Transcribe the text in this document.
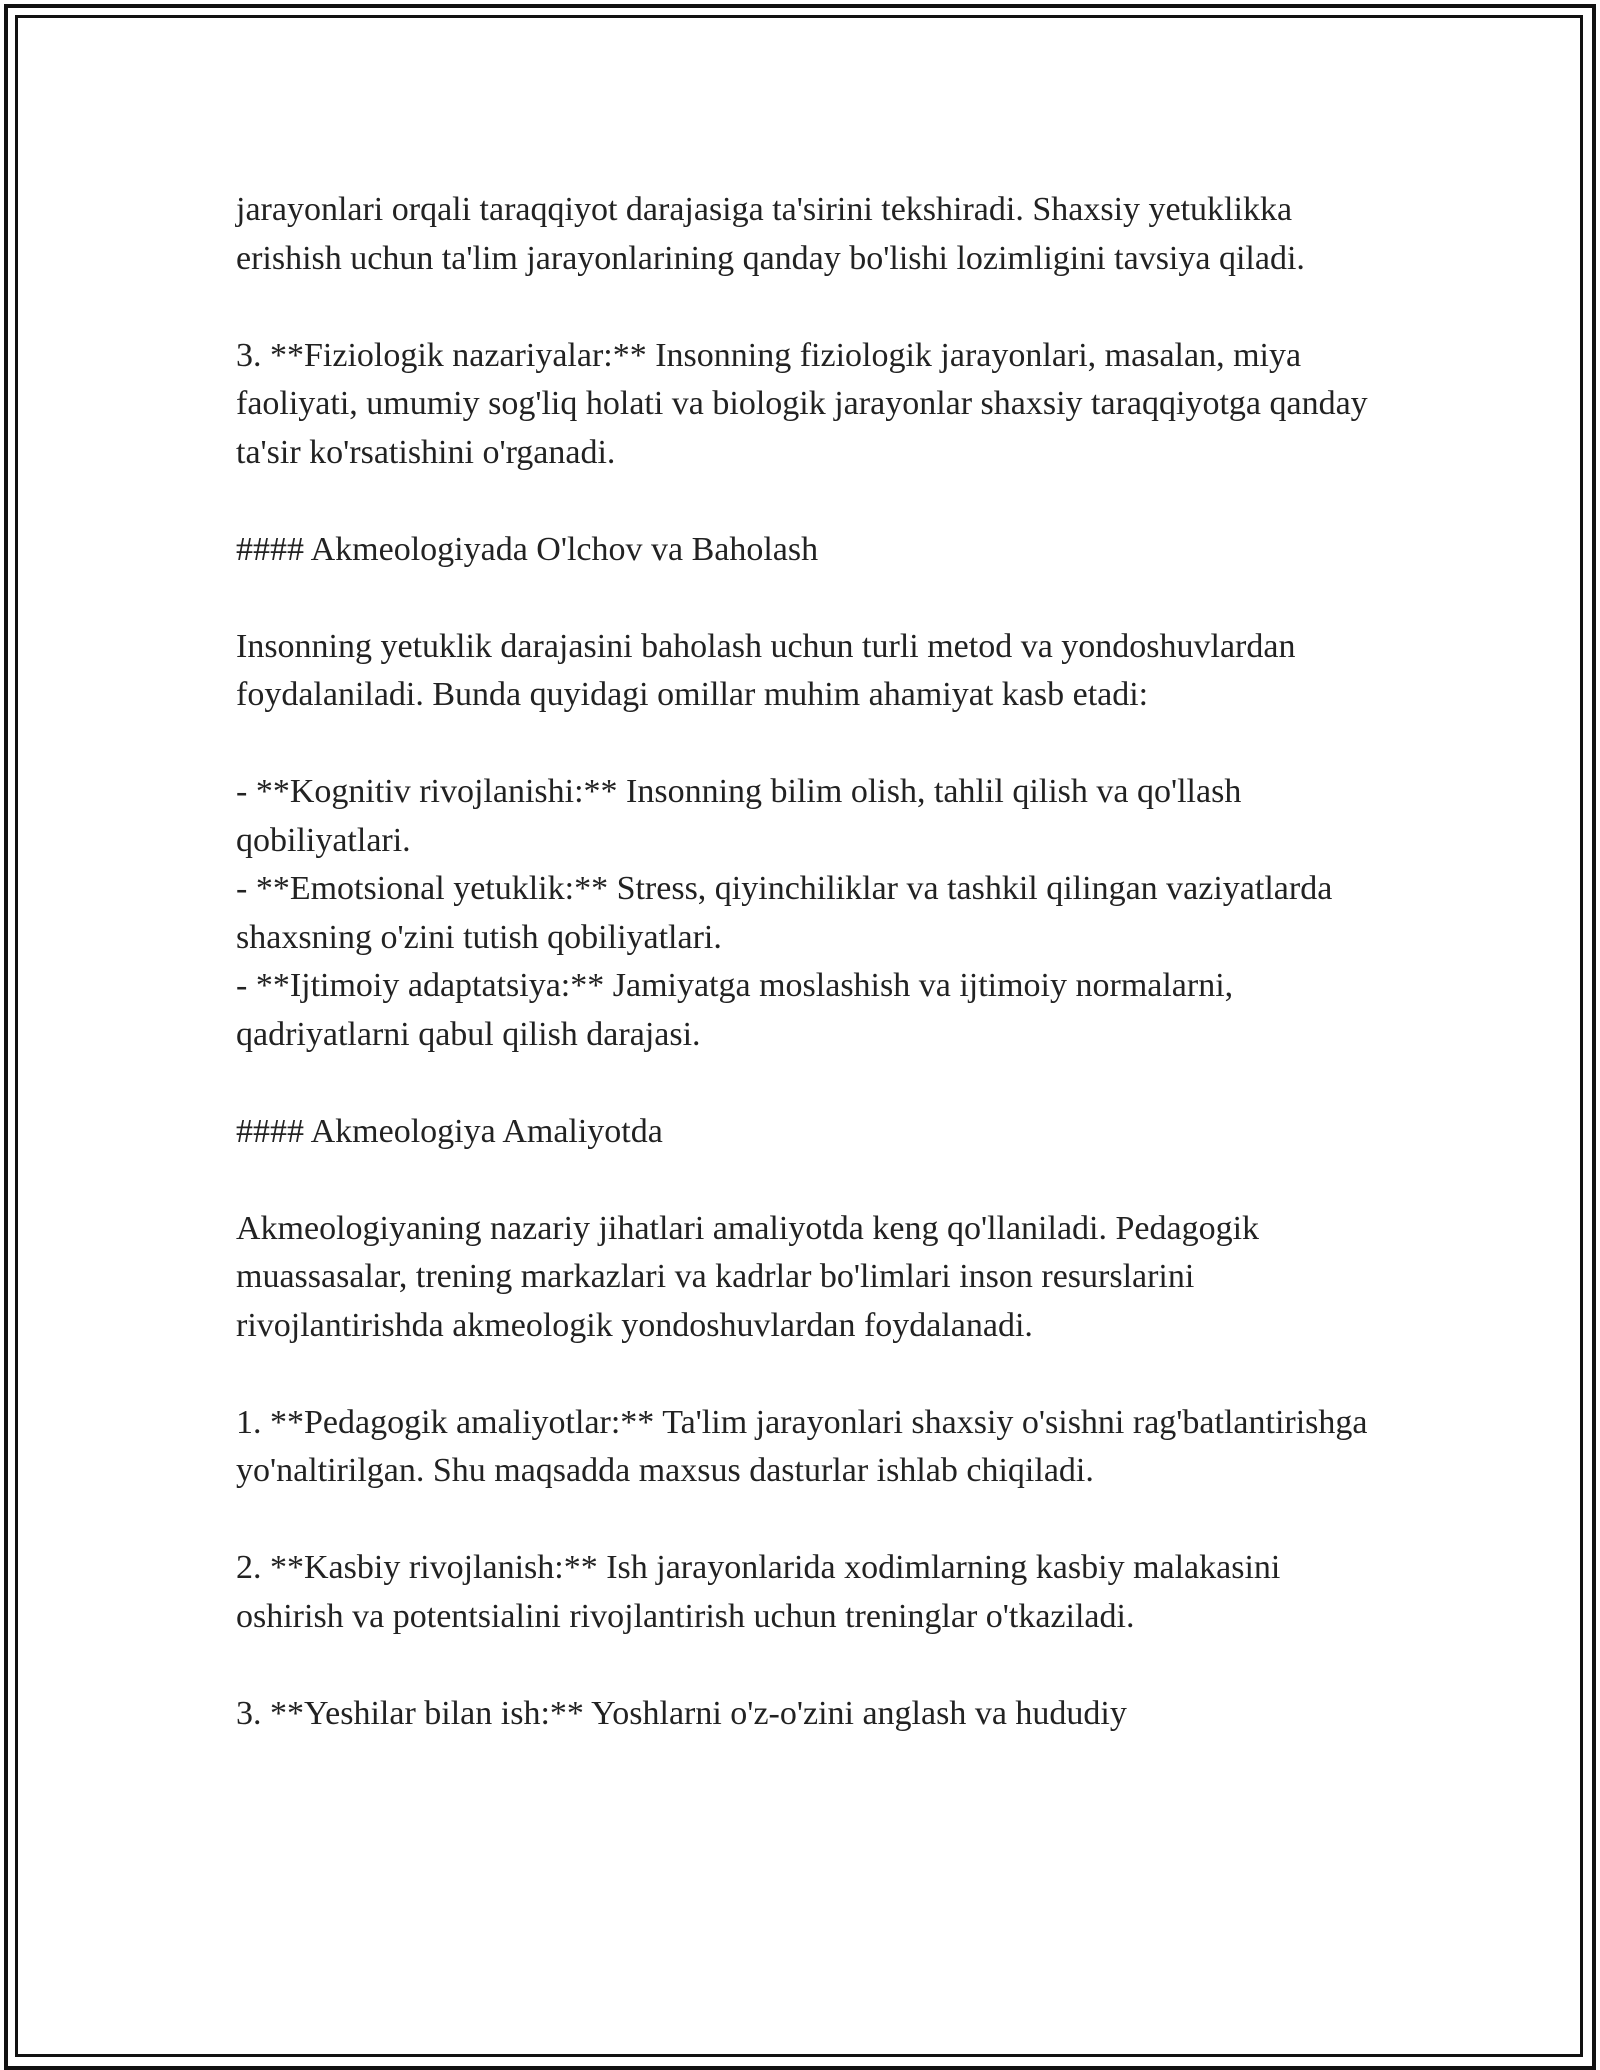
jarayonlari orqali taraqqiyot darajasiga ta'sirini tekshiradi. Shaxsiy yetuklikka erishish uchun ta'lim jarayonlarining qanday bo'lishi lozimligini tavsiya qiladi.

3. **Fiziologik nazariyalar:** Insonning fiziologik jarayonlari, masalan, miya faoliyati, umumiy sog'liq holati va biologik jarayonlar shaxsiy taraqqiyotga qanday ta'sir ko'rsatishini o'rganadi.

#### Akmeologiyada O'lchov va Baholash

Insonning yetuklik darajasini baholash uchun turli metod va yondoshuvlardan foydalaniladi. Bunda quyidagi omillar muhim ahamiyat kasb etadi:

- **Kognitiv rivojlanishi:** Insonning bilim olish, tahlil qilish va qo'llash qobiliyatlari.
- **Emotsional yetuklik:** Stress, qiyinchiliklar va tashkil qilingan vaziyatlarda shaxsning o'zini tutish qobiliyatlari.
- **Ijtimoiy adaptatsiya:** Jamiyatga moslashish va ijtimoiy normalarni, qadriyatlarni qabul qilish darajasi.

#### Akmeologiya Amaliyotda

Akmeologiyaning nazariy jihatlari amaliyotda keng qo'llaniladi. Pedagogik muassasalar, trening markazlari va kadrlar bo'limlari inson resurslarini rivojlantirishda akmeologik yondoshuvlardan foydalanadi.

1. **Pedagogik amaliyotlar:** Ta'lim jarayonlari shaxsiy o'sishni rag'batlantirishga yo'naltirilgan. Shu maqsadda maxsus dasturlar ishlab chiqiladi.

2. **Kasbiy rivojlanish:** Ish jarayonlarida xodimlarning kasbiy malakasini oshirish va potentsialini rivojlantirish uchun treninglar o'tkaziladi.

3. **Yeshilar bilan ish:** Yoshlarni o'z-o'zini anglash va hududiy
